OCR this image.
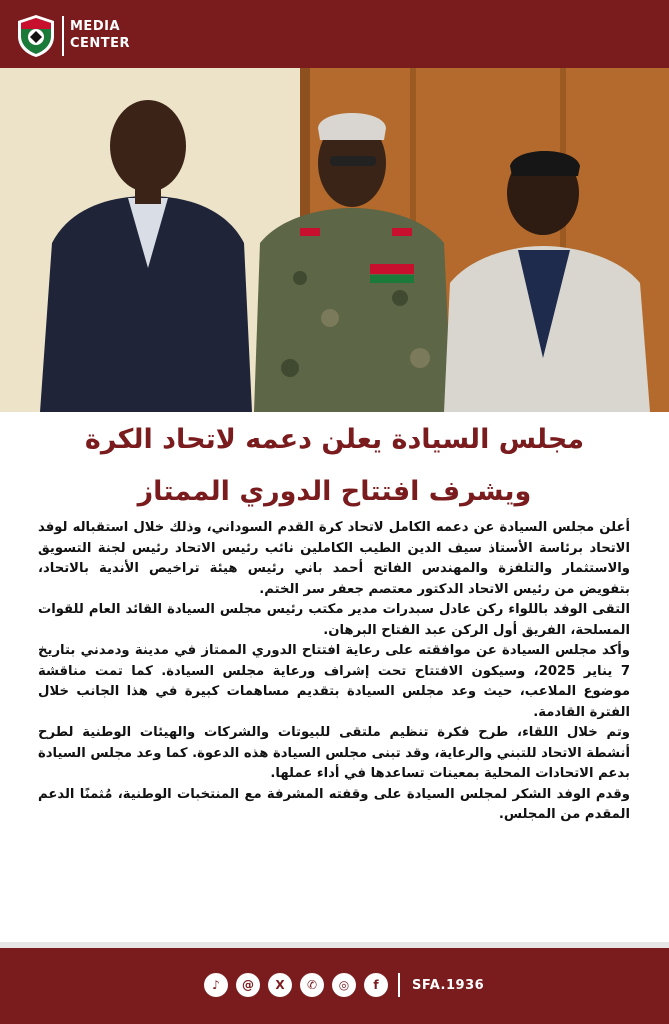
MEDIA
CENTER
مجلس السيادة يعلن دعمه لاتحاد الكرة
ويشرف افتتاح الدوري الممتاز

أعلن مجلس السيادة عن دعمه الكامل لاتحاد كرة القدم السوداني، وذلك خلال استقباله لوفد الاتحاد برئاسة الأستاذ سيف الدين الطيب الكاملين نائب رئيس الاتحاد رئيس لجنة التسويق والاستثمار والتلفزة والمهندس الفاتح أحمد باني رئيس هيئة تراخيص الأندية بالاتحاد، بتفويض من رئيس الاتحاد الدكتور معتصم جعفر سر الختم.

التقى الوفد باللواء ركن عادل سبدرات مدير مكتب رئيس مجلس السيادة القائد العام للقوات المسلحة، الفريق أول الركن عبد الفتاح البرهان.

وأكد مجلس السيادة عن موافقته على رعاية افتتاح الدوري الممتاز في مدينة ودمدني بتاريخ 7 يناير 2025، وسيكون الافتتاح تحت إشراف ورعاية مجلس السيادة. كما تمت مناقشة موضوع الملاعب، حيث وعد مجلس السيادة بتقديم مساهمات كبيرة في هذا الجانب خلال الفترة القادمة.

وتم خلال اللقاء، طرح فكرة تنظيم ملتقى للبيوتات والشركات والهيئات الوطنية لطرح أنشطة الاتحاد للتبني والرعاية، وقد تبنى مجلس السيادة هذه الدعوة. كما وعد مجلس السيادة بدعم الاتحادات المحلية بمعينات تساعدها في أداء عملها.

وقدم الوفد الشكر لمجلس السيادة على وقفته المشرفة مع المنتخبات الوطنية، مُثمنًا الدعم المقدم من المجلس.

♪	@	X	✆	◎	f	SFA.1936
